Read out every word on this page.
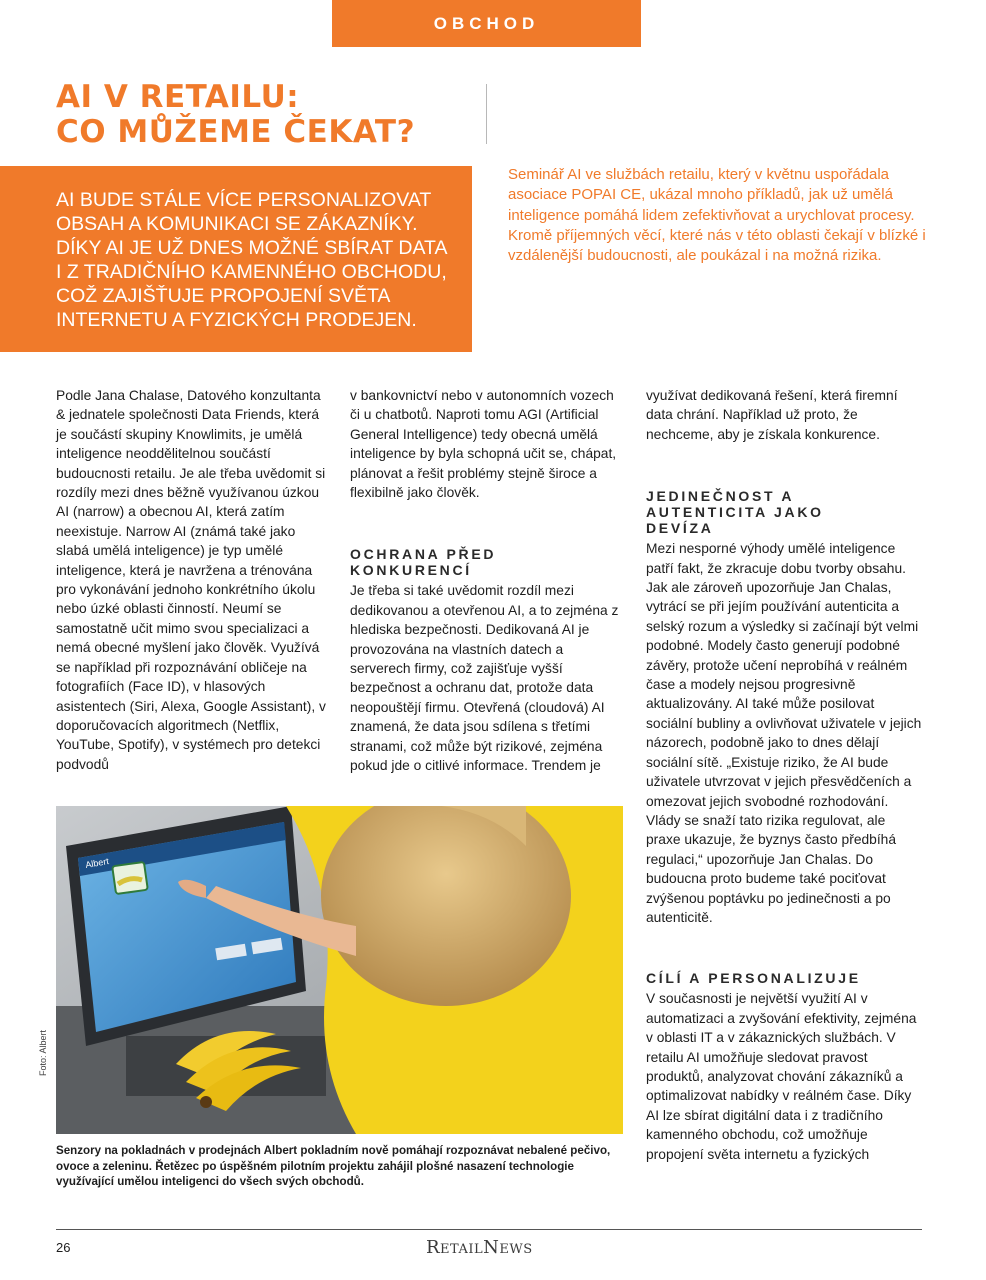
OBCHOD
AI V RETAILU:
CO MŮŽEME ČEKAT?

AI BUDE STÁLE VÍCE PERSONALIZOVAT OBSAH A KOMUNIKACI SE ZÁKAZNÍKY. DÍKY AI JE UŽ DNES MOŽNÉ SBÍRAT DATA I Z TRADIČNÍHO KAMENNÉHO OBCHODU, COŽ ZAJIŠŤUJE PROPOJENÍ SVĚTA INTERNETU A FYZICKÝCH PRODEJEN.

Seminář AI ve službách retailu, který v květnu uspořádala asociace POPAI CE, ukázal mnoho příkladů, jak už umělá inteligence pomáhá lidem zefektivňovat a urychlovat procesy. Kromě příjemných věcí, které nás v této oblasti čekají v blízké i vzdálenější budoucnosti, ale poukázal i na možná rizika.

Podle Jana Chalase, Datového konzultanta & jednatele společnosti Data Friends, která je součástí skupiny Knowlimits, je umělá inteligence neoddělitelnou součástí budoucnosti retailu. Je ale třeba uvědomit si rozdíly mezi dnes běžně využívanou úzkou AI (narrow) a obecnou AI, která zatím neexistuje. Narrow AI (známá také jako slabá umělá inteligence) je typ umělé inteligence, která je navržena a trénována pro vykonávání jednoho konkrétního úkolu nebo úzké oblasti činností. Neumí se samostatně učit mimo svou specializaci a nemá obecné myšlení jako člověk. Využívá se například při rozpoznávání obličeje na fotografiích (Face ID), v hlasových asistentech (Siri, Alexa, Google Assistant), v doporučovacích algoritmech (Netflix, YouTube, Spotify), v systémech pro detekci podvodů

v bankovnictví nebo v autonomních vozech či u chatbotů. Naproti tomu AGI (Artificial General Intelligence) tedy obecná umělá inteligence by byla schopná učit se, chápat, plánovat a řešit problémy stejně široce a flexibilně jako člověk.

OCHRANA PŘED KONKURENCÍ

Je třeba si také uvědomit rozdíl mezi dedikovanou a otevřenou AI, a to zejména z hlediska bezpečnosti. Dedikovaná AI je provozována na vlastních datech a serverech firmy, což zajišťuje vyšší bezpečnost a ochranu dat, protože data neopouštějí firmu. Otevřená (cloudová) AI znamená, že data jsou sdílena s třetími stranami, což může být rizikové, zejména pokud jde o citlivé informace. Trendem je

využívat dedikovaná řešení, která firemní data chrání. Například už proto, že nechceme, aby je získala konkurence.

JEDINEČNOST A AUTENTICITA JAKO DEVÍZA

Mezi nesporné výhody umělé inteligence patří fakt, že zkracuje dobu tvorby obsahu. Jak ale zároveň upozorňuje Jan Chalas, vytrácí se při jejím používání autenticita a selský rozum a výsledky si začínají být velmi podobné. Modely často generují podobné závěry, protože učení neprobíhá v reálném čase a modely nejsou progresivně aktualizovány. AI také může posilovat sociální bubliny a ovlivňovat uživatele v jejich názorech, podobně jako to dnes dělají sociální sítě. „Existuje riziko, že AI bude uživatele utvrzovat v jejich přesvědčeních a omezovat jejich svobodné rozhodování. Vlády se snaží tato rizika regulovat, ale praxe ukazuje, že byznys často předbíhá regulaci,“ upozorňuje Jan Chalas. Do budoucna proto budeme také pociťovat zvýšenou poptávku po jedinečnosti a po autenticitě.

CÍLÍ A PERSONALIZUJE

V současnosti je největší využití AI v automatizaci a zvyšování efektivity, zejména v oblasti IT a v zákaznických službách. V retailu AI umožňuje sledovat pravost produktů, analyzovat chování zákazníků a optimalizovat nabídky v reálném čase. Díky AI lze sbírat digitální data i z tradičního kamenného obchodu, což umožňuje propojení světa internetu a fyzických

Albert
Foto: Albert

Senzory na pokladnách v prodejnách Albert pokladním nově pomáhají rozpoznávat nebalené pečivo, ovoce a zeleninu. Řetězec po úspěšném pilotním projektu zahájil plošné nasazení technologie využívající umělou inteligenci do všech svých obchodů.

26	RetailNews
